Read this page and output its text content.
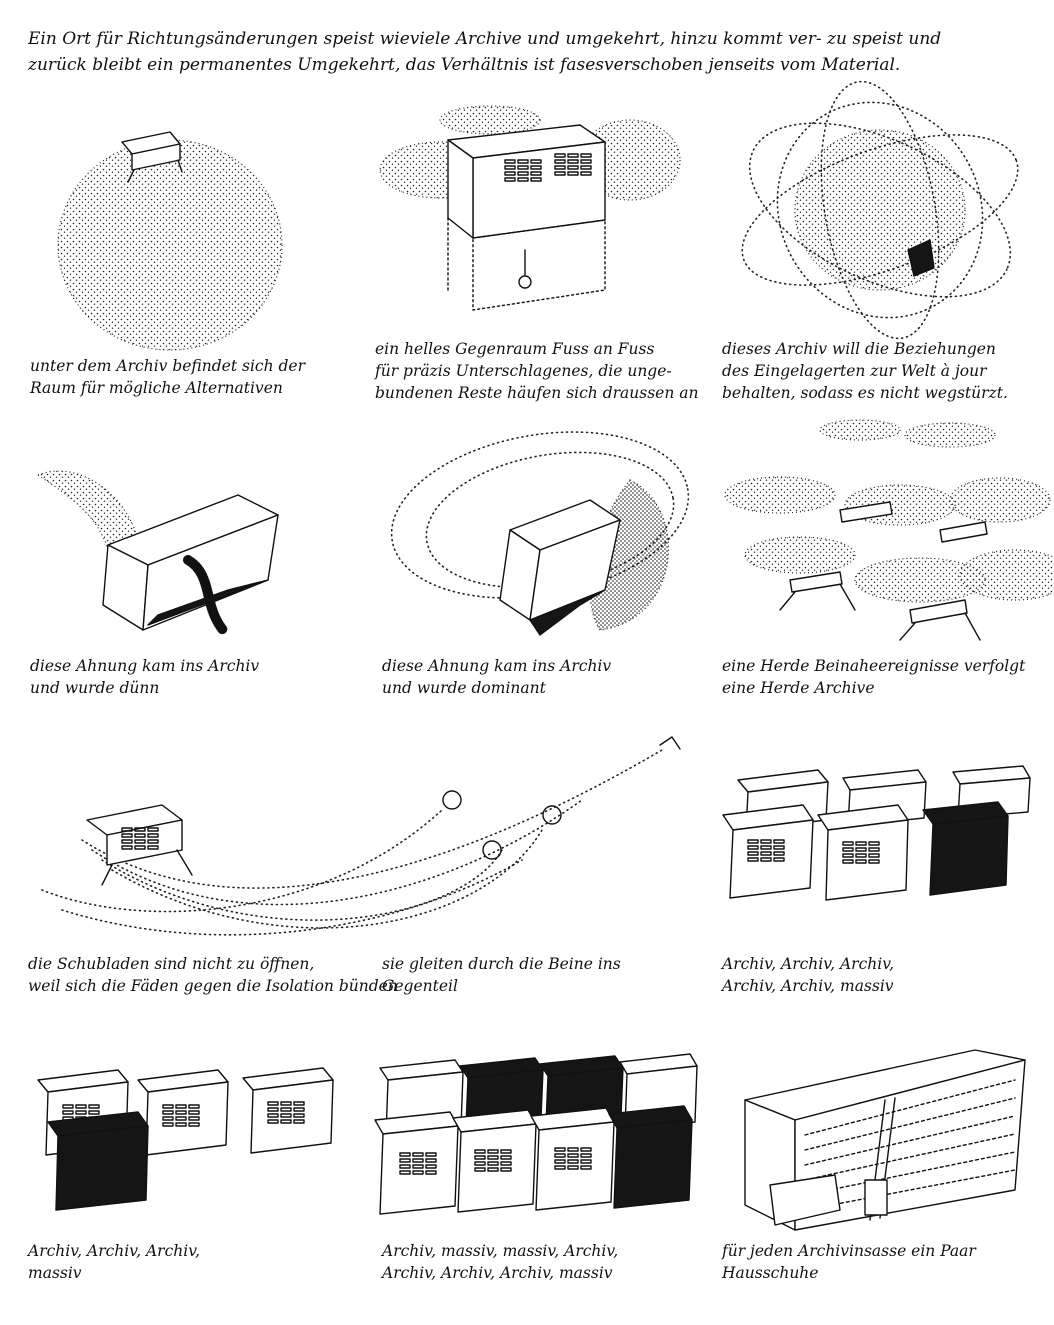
Ein Ort für Richtungsänderungen speist wieviele Archive und umgekehrt, hinzu kommt ver- zu speist und
zurück bleibt ein permanentes Umgekehrt, das Verhältnis ist fasesverschoben jenseits vom Material.
unter dem Archiv befindet sich der
Raum für mögliche Alternativen
ein helles Gegenraum Fuss an Fuss
für präzis Unterschlagenes, die unge-
bundenen Reste häufen sich draussen an
dieses Archiv will die Beziehungen
des Eingelagerten zur Welt à jour
behalten, sodass es nicht wegstürzt.
diese Ahnung kam ins Archiv
und wurde dünn
diese Ahnung kam ins Archiv
und wurde dominant
eine Herde Beinaheereignisse verfolgt
eine Herde Archive
die Schubladen sind nicht zu öffnen,
weil sich die Fäden gegen die Isolation bünden
sie gleiten durch die Beine ins
Gegenteil
Archiv, Archiv, Archiv,
Archiv, Archiv, massiv
Archiv, Archiv, Archiv,
massiv
Archiv, massiv, massiv, Archiv,
Archiv, Archiv, Archiv, massiv
für jeden Archivinsasse ein Paar
Hausschuhe
